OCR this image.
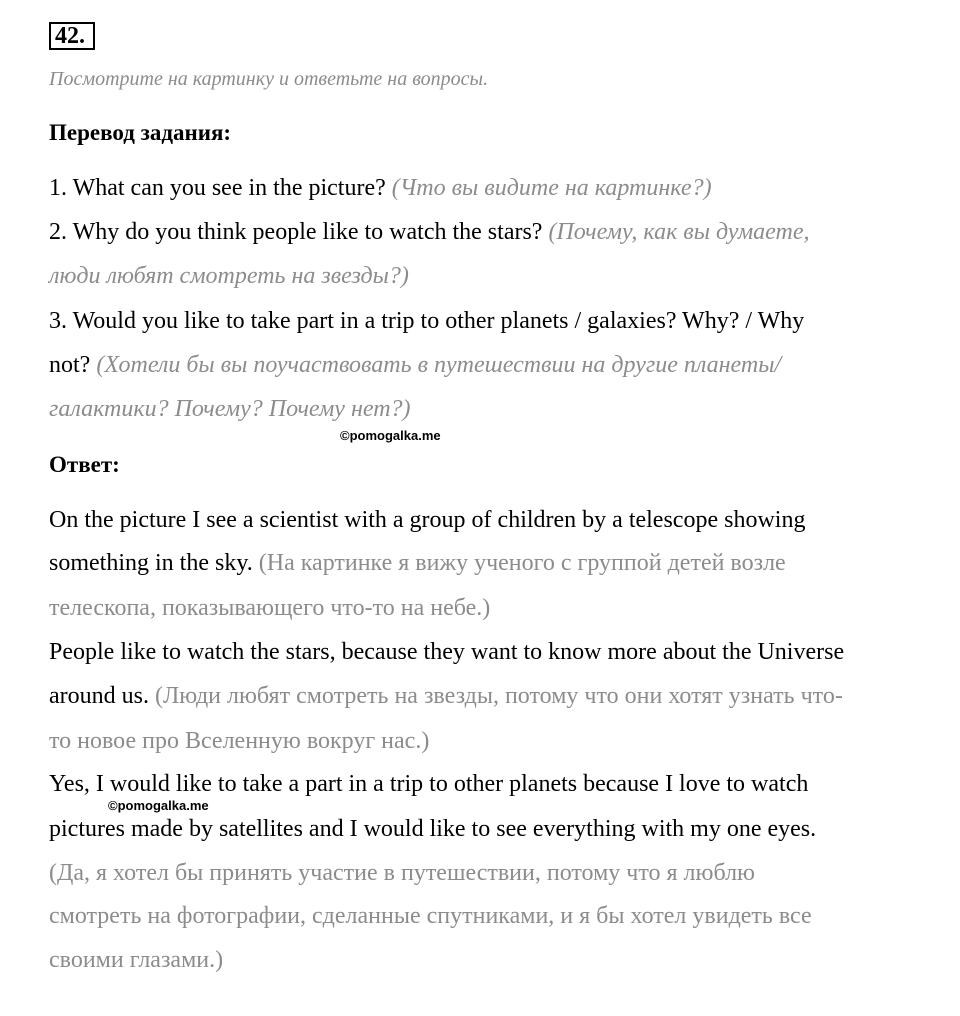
42.
Посмотрите на картинку и ответьте на вопросы.
Перевод задания:
1. What can you see in the picture? (Что вы видите на картинке?)
2. Why do you think people like to watch the stars? (Почему, как вы думаете,
люди любят смотреть на звезды?)
3. Would you like to take part in a trip to other planets / galaxies? Why? / Why
not? (Хотели бы вы поучаствовать в путешествии на другие планеты/
галактики? Почему? Почему нет?)
©pomogalka.me
Ответ:
On the picture I see a scientist with a group of children by a telescope showing
something in the sky. (На картинке я вижу ученого с группой детей возле
телескопа, показывающего что-то на небе.)
People like to watch the stars, because they want to know more about the Universe
around us. (Люди любят смотреть на звезды, потому что они хотят узнать что-
то новое про Вселенную вокруг нас.)
Yes, I would like to take a part in a trip to other planets because I love to watch
©pomogalka.me
pictures made by satellites and I would like to see everything with my one eyes.
(Да, я хотел бы принять участие в путешествии, потому что я люблю
смотреть на фотографии, сделанные спутниками, и я бы хотел увидеть все
своими глазами.)
